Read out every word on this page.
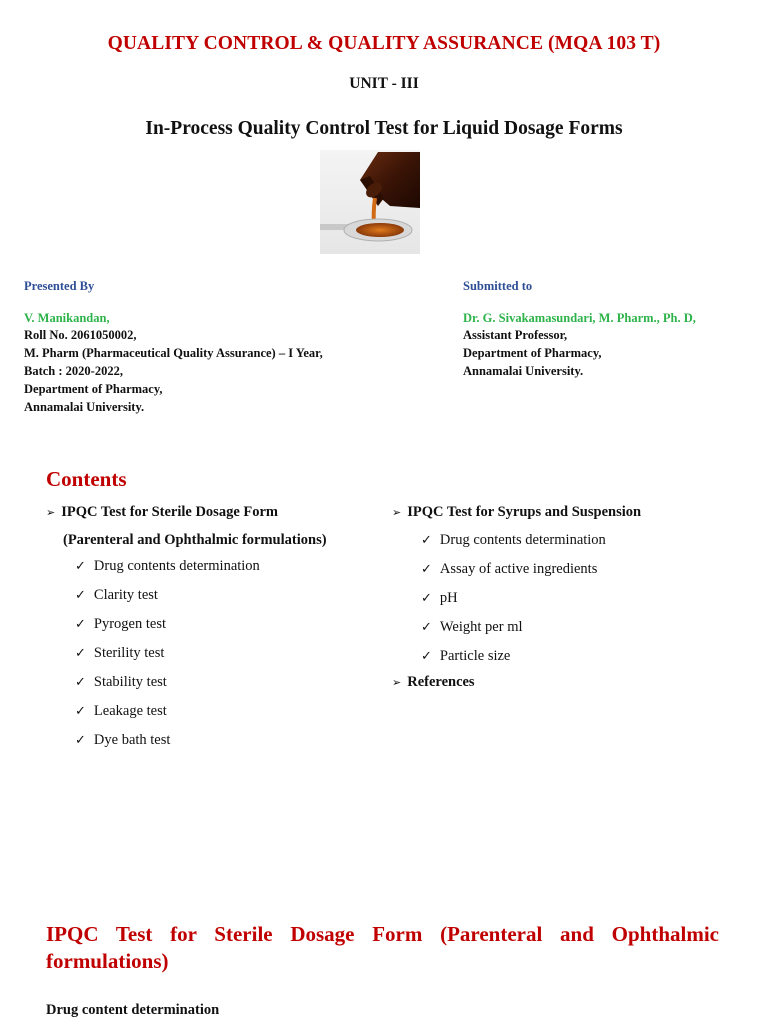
QUALITY CONTROL & QUALITY ASSURANCE (MQA 103 T)
UNIT - III
In-Process Quality Control Test for Liquid Dosage Forms
Presented By
V. Manikandan,
Roll No. 2061050002,
M. Pharm (Pharmaceutical Quality Assurance) – I Year,
Batch : 2020-2022,
Department of Pharmacy,
Annamalai University.
Submitted to
Dr. G. Sivakamasundari, M. Pharm., Ph. D,
Assistant Professor,
Department of Pharmacy,
Annamalai University.
Contents
➢ IPQC Test for Sterile Dosage Form
(Parenteral and Ophthalmic formulations)
✓ Drug contents determination
✓ Clarity test
✓ Pyrogen test
✓ Sterility test
✓ Stability test
✓ Leakage test
✓ Dye bath test
➢ IPQC Test for Syrups and Suspension
✓ Drug contents determination
✓ Assay of active ingredients
✓ pH
✓ Weight per ml
✓ Particle size
➢ References
IPQC Test for Sterile Dosage Form (Parenteral and Ophthalmic formulations)
Drug content determination
